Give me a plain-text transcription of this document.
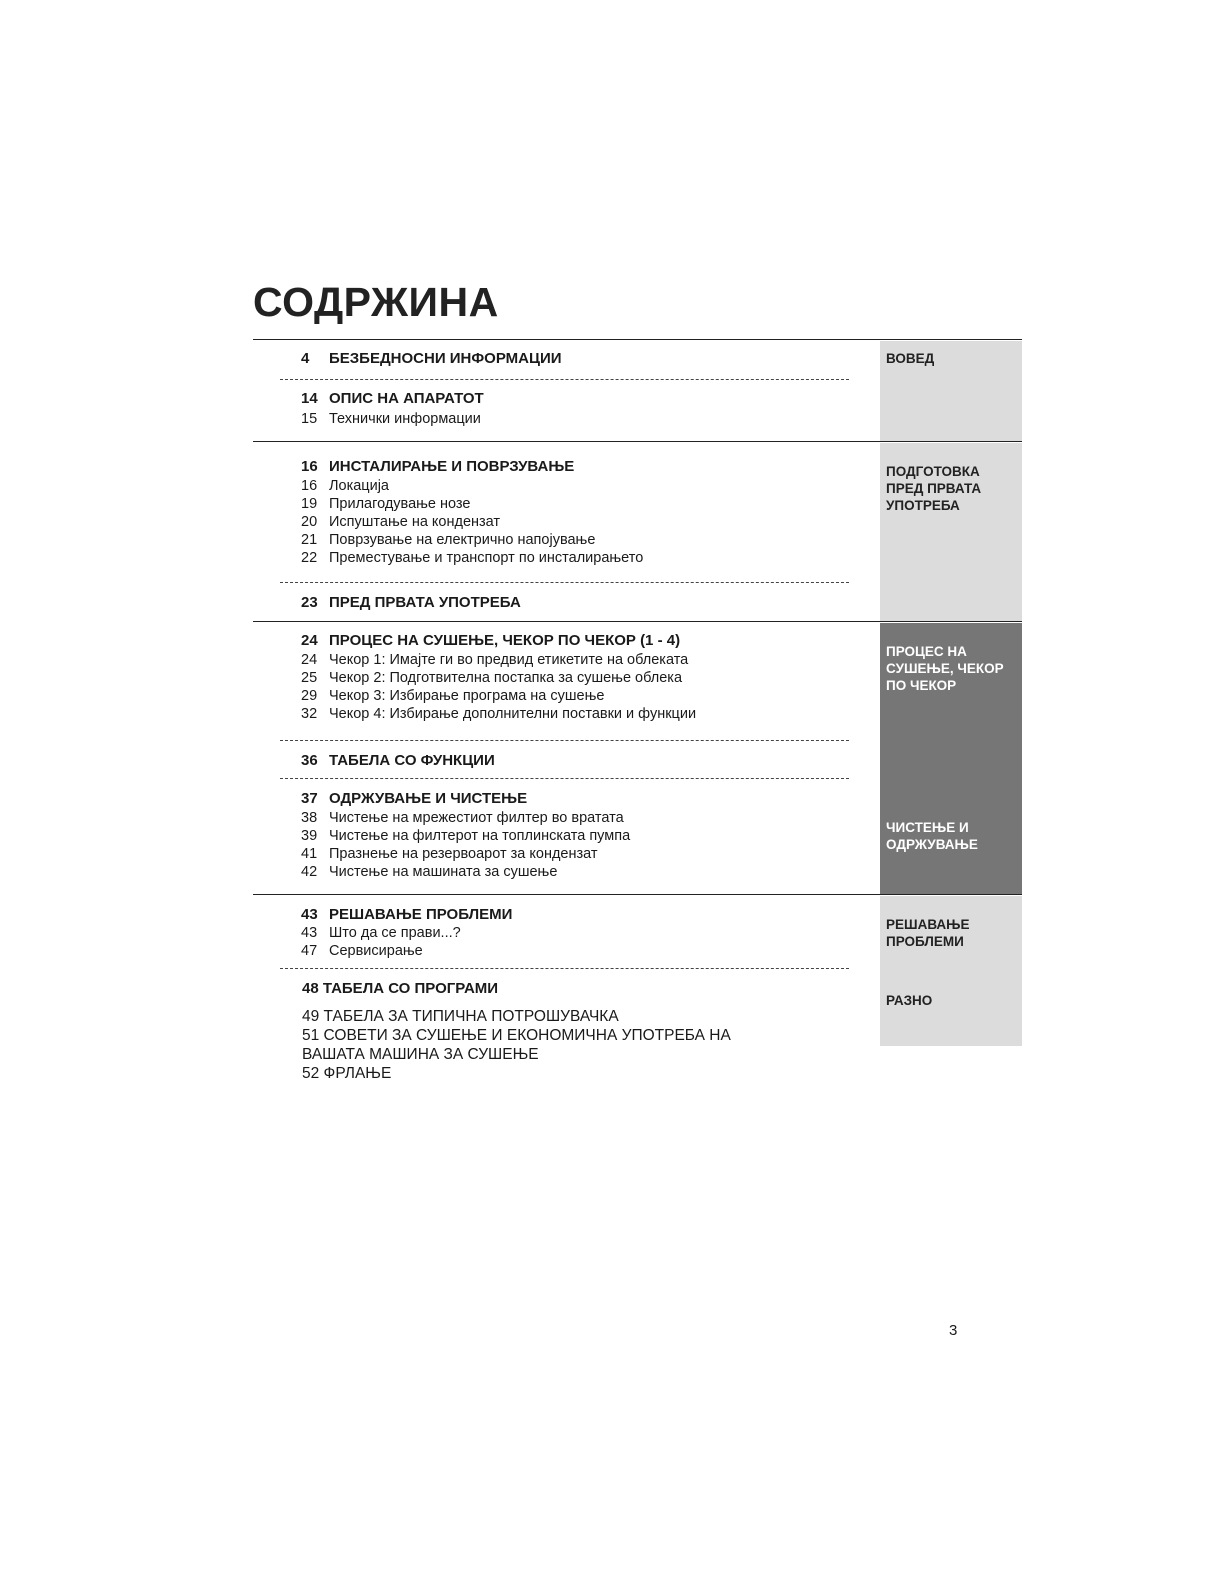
СОДРЖИНА
ВОВЕД
ПОДГОТОВКА
ПРЕД ПРВАТА
УПОТРЕБА
ПРОЦЕС НА
СУШЕЊЕ, ЧЕКОР
ПО ЧЕКОР
ЧИСТЕЊЕ И
ОДРЖУВАЊЕ
РЕШАВАЊЕ
ПРОБЛЕМИ
РАЗНО
4 БЕЗБЕДНОСНИ ИНФОРМАЦИИ
14 ОПИС НА АПАРАТОТ
15 Технички информации
16 ИНСТАЛИРАЊЕ И ПОВРЗУВАЊЕ
16 Локација
19 Прилагодување нозе
20 Испуштање на кондензат
21 Поврзување на електрично напојување
22 Преместување и транспорт по инсталирањето
23 ПРЕД ПРВАТА УПОТРЕБА
24 ПРОЦЕС НА СУШЕЊЕ, ЧЕКОР ПО ЧЕКОР (1 - 4)
24 Чекор 1: Имајте ги во предвид етикетите на облеката
25 Чекор 2: Подготвителна постапка за сушење облека
29 Чекор 3: Избирање програма на сушење
32 Чекор 4: Избирање дополнителни поставки и функции
36 ТАБЕЛА СО ФУНКЦИИ
37 ОДРЖУВАЊЕ И ЧИСТЕЊЕ
38 Чистење на мрежестиот филтер во вратата
39 Чистење на филтерот на топлинската пумпа
41 Празнење на резервоарот за кондензат
42 Чистење на машината за сушење
43 РЕШАВАЊЕ ПРОБЛЕМИ
43 Што да се прави...?
47 Сервисирање
48 ТАБЕЛА СО ПРОГРАМИ
49 ТАБЕЛА ЗА ТИПИЧНА ПОТРОШУВАЧКА
51 СОВЕТИ ЗА СУШЕЊЕ И ЕКОНОМИЧНА УПОТРЕБА НА
ВАШАТА МАШИНА ЗА СУШЕЊЕ
52 ФРЛАЊЕ
3
